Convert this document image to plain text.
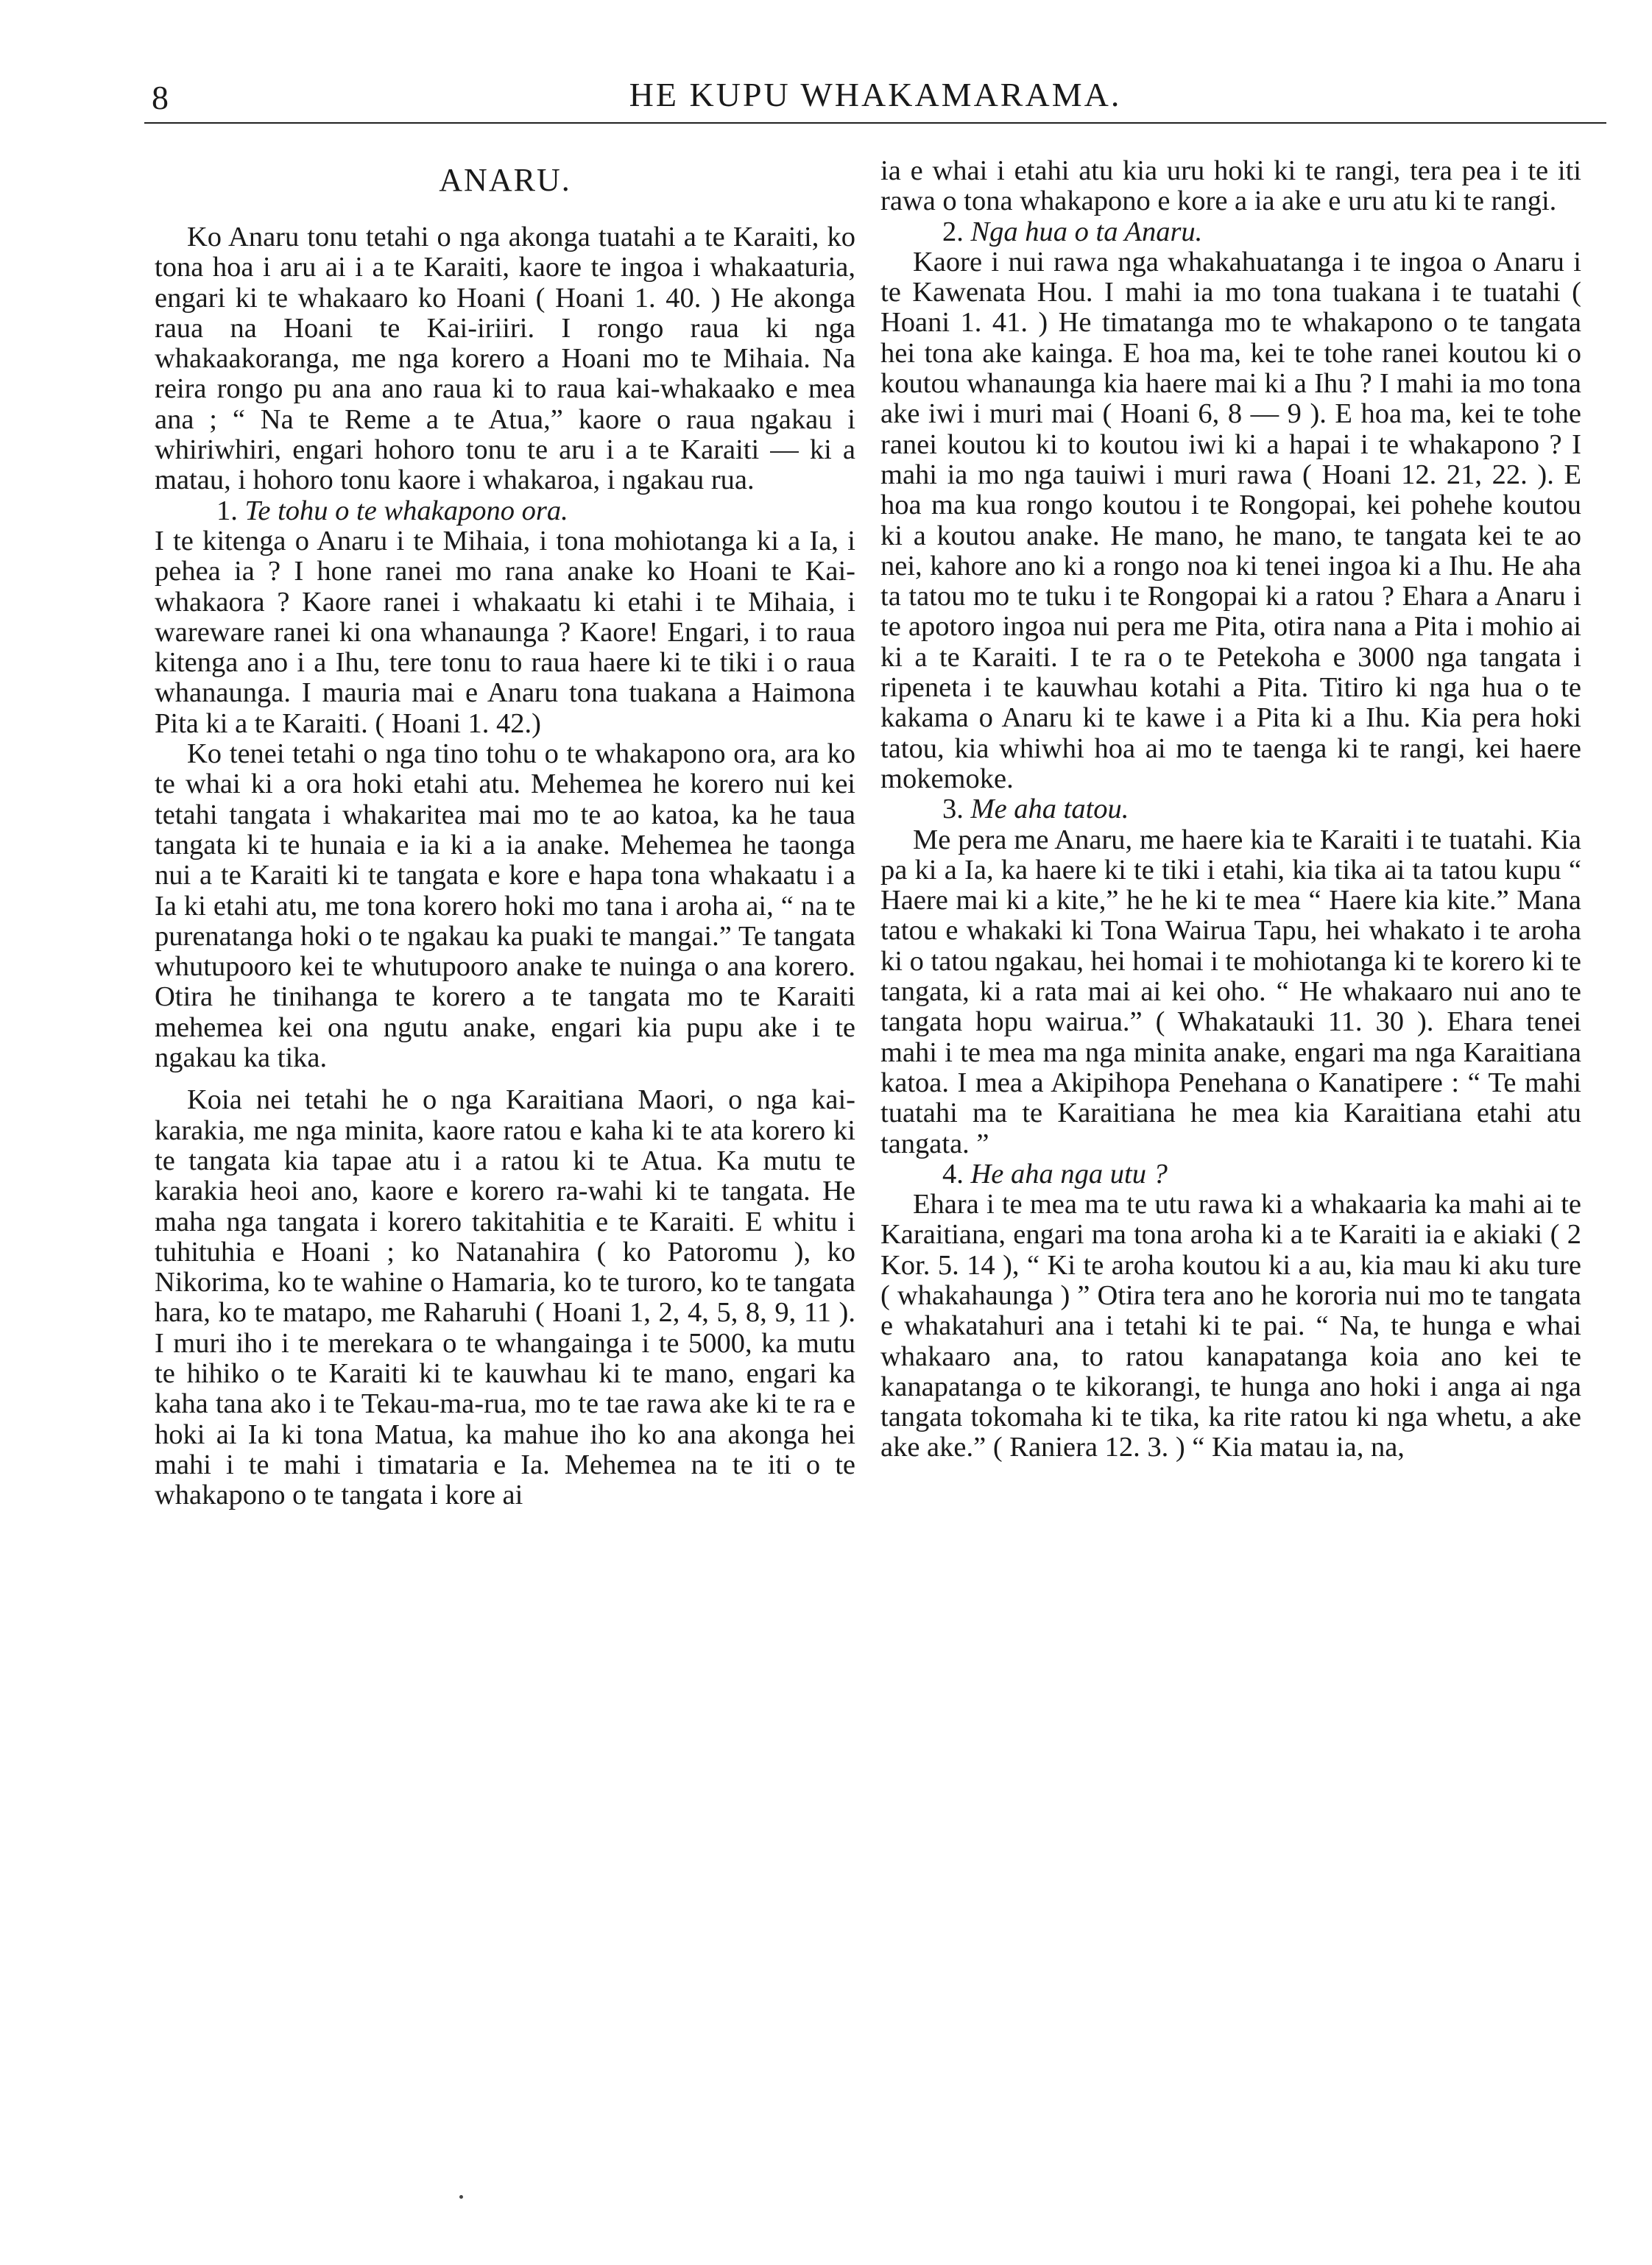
8	HE KUPU WHAKAMARAMA.
ANARU.

Ko Anaru tonu tetahi o nga akonga tuatahi a te Karaiti, ko tona hoa i aru ai i a te Karaiti, kaore te ingoa i whakaaturia, engari ki te whakaaro ko Hoani ( Hoani 1. 40. ) He akonga raua na Hoani te Kai-iriiri. I rongo raua ki nga whakaakoranga, me nga korero a Hoani mo te Mihaia. Na reira rongo pu ana ano raua ki to raua kai-whakaako e mea ana ; “ Na te Reme a te Atua,” kaore o raua ngakau i whiriwhiri, engari hohoro tonu te aru i a te Karaiti — ki a matau, i hohoro tonu kaore i whakaroa, i ngakau rua.

1. Te tohu o te whakapono ora.

I te kitenga o Anaru i te Mihaia, i tona mohiotanga ki a Ia, i pehea ia ? I hone ranei mo rana anake ko Hoani te Kai-whakaora ? Kaore ranei i whakaatu ki etahi i te Mihaia, i wareware ranei ki ona whanaunga ? Kaore! Engari, i to raua kitenga ano i a Ihu, tere tonu to raua haere ki te tiki i o raua whanaunga. I mauria mai e Anaru tona tuakana a Haimona Pita ki a te Karaiti. ( Hoani 1. 42.)

Ko tenei tetahi o nga tino tohu o te whakapono ora, ara ko te whai ki a ora hoki etahi atu. Mehemea he korero nui kei tetahi tangata i whakaritea mai mo te ao katoa, ka he taua tangata ki te hunaia e ia ki a ia anake. Mehemea he taonga nui a te Karaiti ki te tangata e kore e hapa tona whakaatu i a Ia ki etahi atu, me tona korero hoki mo tana i aroha ai, “ na te purenatanga hoki o te ngakau ka puaki te mangai.” Te tangata whutupooro kei te whutupooro anake te nuinga o ana korero. Otira he tinihanga te korero a te tangata mo te Karaiti mehemea kei ona ngutu anake, engari kia pupu ake i te ngakau ka tika.

Koia nei tetahi he o nga Karaitiana Maori, o nga kai-karakia, me nga minita, kaore ratou e kaha ki te ata korero ki te tangata kia tapae atu i a ratou ki te Atua. Ka mutu te karakia heoi ano, kaore e korero ra-wahi ki te tangata. He maha nga tangata i korero takitahitia e te Karaiti. E whitu i tuhituhia e Hoani ; ko Natanahira ( ko Patoromu ), ko Nikorima, ko te wahine o Hamaria, ko te turoro, ko te tangata hara, ko te matapo, me Raharuhi ( Hoani 1, 2, 4, 5, 8, 9, 11 ). I muri iho i te merekara o te whangainga i te 5000, ka mutu te hihiko o te Karaiti ki te kauwhau ki te mano, engari ka kaha tana ako i te Tekau-ma-rua, mo te tae rawa ake ki te ra e hoki ai Ia ki tona Matua, ka mahue iho ko ana akonga hei mahi i te mahi i timataria e Ia. Mehemea na te iti o te whakapono o te tangata i kore ai

ia e whai i etahi atu kia uru hoki ki te rangi, tera pea i te iti rawa o tona whakapono e kore a ia ake e uru atu ki te rangi.

2. Nga hua o ta Anaru.

Kaore i nui rawa nga whakahuatanga i te ingoa o Anaru i te Kawenata Hou. I mahi ia mo tona tuakana i te tuatahi ( Hoani 1. 41. ) He timatanga mo te whakapono o te tangata hei tona ake kainga. E hoa ma, kei te tohe ranei koutou ki o koutou whanaunga kia haere mai ki a Ihu ? I mahi ia mo tona ake iwi i muri mai ( Hoani 6, 8 — 9 ). E hoa ma, kei te tohe ranei koutou ki to koutou iwi ki a hapai i te whakapono ? I mahi ia mo nga tauiwi i muri rawa ( Hoani 12. 21, 22. ). E hoa ma kua rongo koutou i te Rongopai, kei pohehe koutou ki a koutou anake. He mano, he mano, te tangata kei te ao nei, kahore ano ki a rongo noa ki tenei ingoa ki a Ihu. He aha ta tatou mo te tuku i te Rongopai ki a ratou ? Ehara a Anaru i te apotoro ingoa nui pera me Pita, otira nana a Pita i mohio ai ki a te Karaiti. I te ra o te Petekoha e 3000 nga tangata i ripeneta i te kauwhau kotahi a Pita. Titiro ki nga hua o te kakama o Anaru ki te kawe i a Pita ki a Ihu. Kia pera hoki tatou, kia whiwhi hoa ai mo te taenga ki te rangi, kei haere mokemoke.

3. Me aha tatou.

Me pera me Anaru, me haere kia te Karaiti i te tuatahi. Kia pa ki a Ia, ka haere ki te tiki i etahi, kia tika ai ta tatou kupu “ Haere mai ki a kite,” he he ki te mea “ Haere kia kite.” Mana tatou e whakaki ki Tona Wairua Tapu, hei whakato i te aroha ki o tatou ngakau, hei homai i te mohiotanga ki te korero ki te tangata, ki a rata mai ai kei oho. “ He whakaaro nui ano te tangata hopu wairua.” ( Whakatauki 11. 30 ). Ehara tenei mahi i te mea ma nga minita anake, engari ma nga Karaitiana katoa. I mea a Akipihopa Penehana o Kanatipere : “ Te mahi tuatahi ma te Karaitiana he mea kia Karaitiana etahi atu tangata. ”

4. He aha nga utu ?

Ehara i te mea ma te utu rawa ki a whakaaria ka mahi ai te Karaitiana, engari ma tona aroha ki a te Karaiti ia e akiaki ( 2 Kor. 5. 14 ), “ Ki te aroha koutou ki a au, kia mau ki aku ture ( whakahaunga ) ” Otira tera ano he kororia nui mo te tangata e whakatahuri ana i tetahi ki te pai. “ Na, te hunga e whai whakaaro ana, to ratou kanapatanga koia ano kei te kanapatanga o te kikorangi, te hunga ano hoki i anga ai nga tangata tokomaha ki te tika, ka rite ratou ki nga whetu, a ake ake ake.” ( Raniera 12. 3. ) “ Kia matau ia, na,
